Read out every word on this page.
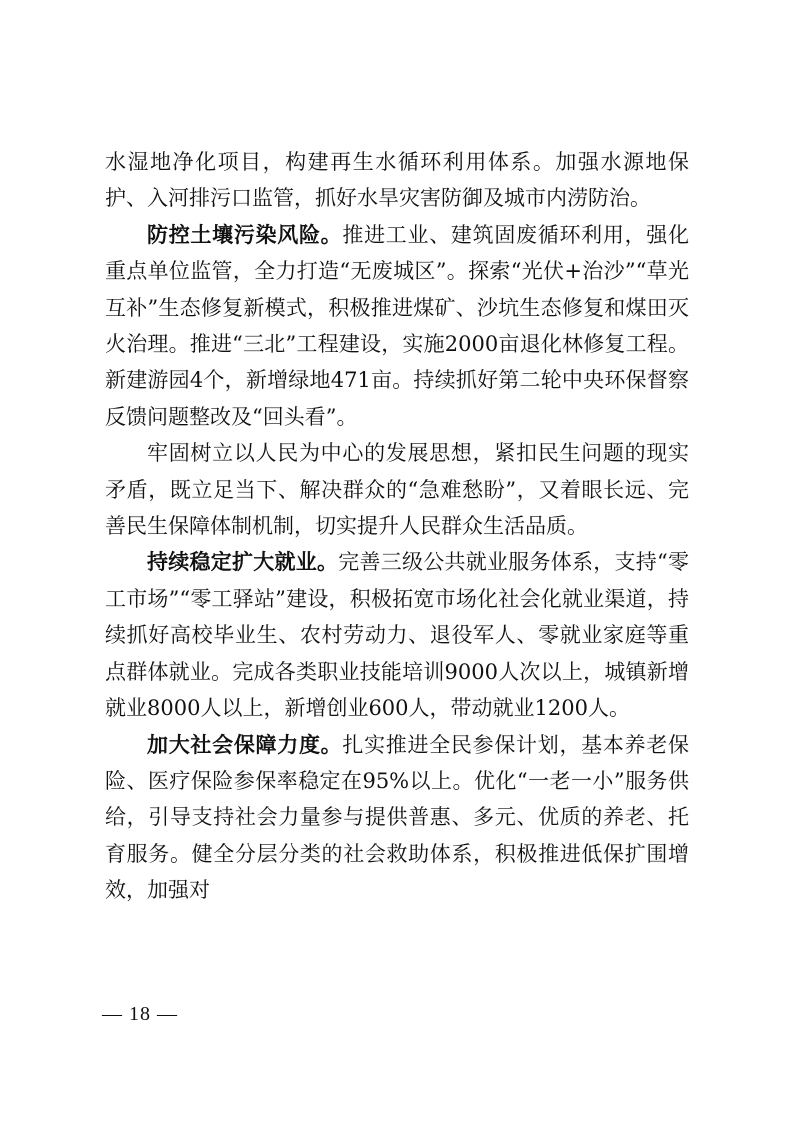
水湿地净化项目，构建再生水循环利用体系。加强水源地保护、入河排污口监管，抓好水旱灾害防御及城市内涝防治。

防控土壤污染风险。推进工业、建筑固废循环利用，强化重点单位监管，全力打造“无废城区”。探索“光伏+治沙”“草光互补”生态修复新模式，积极推进煤矿、沙坑生态修复和煤田灭火治理。推进“三北”工程建设，实施2000亩退化林修复工程。新建游园4个，新增绿地471亩。持续抓好第二轮中央环保督察反馈问题整改及“回头看”。

牢固树立以人民为中心的发展思想，紧扣民生问题的现实矛盾，既立足当下、解决群众的“急难愁盼”，又着眼长远、完善民生保障体制机制，切实提升人民群众生活品质。

持续稳定扩大就业。完善三级公共就业服务体系，支持“零工市场”“零工驿站”建设，积极拓宽市场化社会化就业渠道，持续抓好高校毕业生、农村劳动力、退役军人、零就业家庭等重点群体就业。完成各类职业技能培训9000人次以上，城镇新增就业8000人以上，新增创业600人，带动就业1200人。

加大社会保障力度。扎实推进全民参保计划，基本养老保险、医疗保险参保率稳定在95%以上。优化“一老一小”服务供给，引导支持社会力量参与提供普惠、多元、优质的养老、托育服务。健全分层分类的社会救助体系，积极推进低保扩围增效，加强对

— 18 —
